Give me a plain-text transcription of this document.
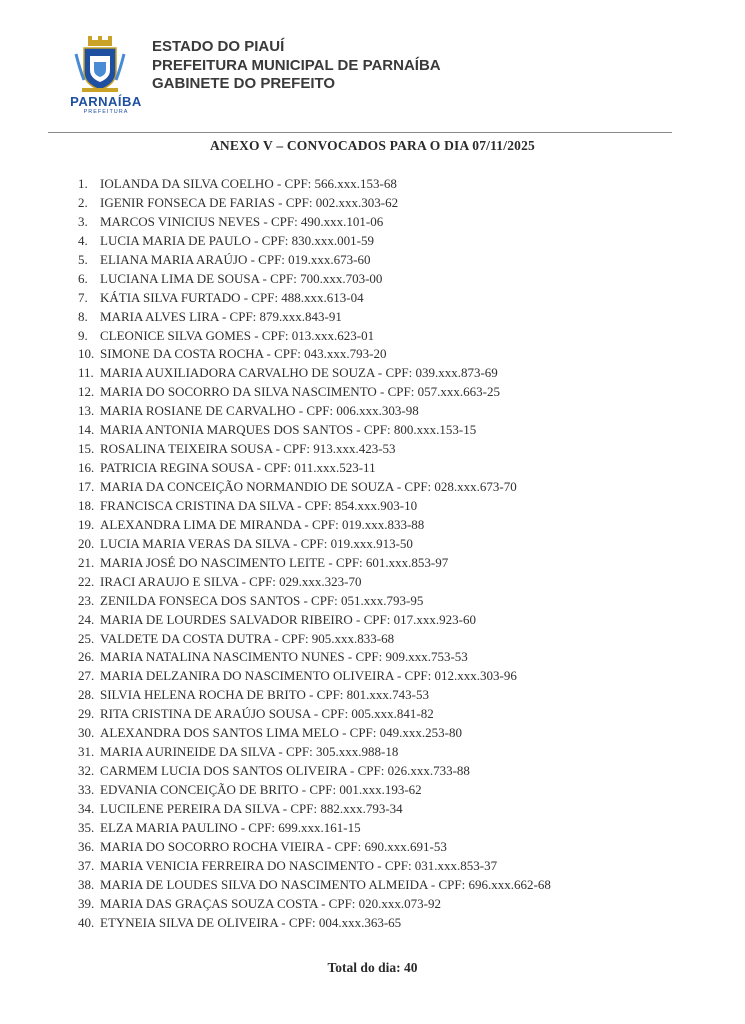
PARNAÍBA
PREFEITURA
ESTADO DO PIAUÍ
PREFEITURA MUNICIPAL DE PARNAÍBA
GABINETE DO PREFEITO
ANEXO V – CONVOCADOS PARA O DIA 07/11/2025
1. IOLANDA DA SILVA COELHO - CPF: 566.xxx.153-68
2. IGENIR FONSECA DE FARIAS - CPF: 002.xxx.303-62
3. MARCOS VINICIUS NEVES - CPF: 490.xxx.101-06
4. LUCIA MARIA DE PAULO - CPF: 830.xxx.001-59
5. ELIANA MARIA ARAÚJO - CPF: 019.xxx.673-60
6. LUCIANA LIMA DE SOUSA - CPF: 700.xxx.703-00
7. KÁTIA SILVA FURTADO - CPF: 488.xxx.613-04
8. MARIA ALVES LIRA - CPF: 879.xxx.843-91
9. CLEONICE SILVA GOMES - CPF: 013.xxx.623-01
10. SIMONE DA COSTA ROCHA - CPF: 043.xxx.793-20
11. MARIA AUXILIADORA CARVALHO DE SOUZA - CPF: 039.xxx.873-69
12. MARIA DO SOCORRO DA SILVA NASCIMENTO - CPF: 057.xxx.663-25
13. MARIA ROSIANE DE CARVALHO - CPF: 006.xxx.303-98
14. MARIA ANTONIA MARQUES DOS SANTOS - CPF: 800.xxx.153-15
15. ROSALINA TEIXEIRA SOUSA - CPF: 913.xxx.423-53
16. PATRICIA REGINA SOUSA - CPF: 011.xxx.523-11
17. MARIA DA CONCEIÇÃO NORMANDIO DE SOUZA - CPF: 028.xxx.673-70
18. FRANCISCA CRISTINA DA SILVA - CPF: 854.xxx.903-10
19. ALEXANDRA LIMA DE MIRANDA - CPF: 019.xxx.833-88
20. LUCIA MARIA VERAS DA SILVA - CPF: 019.xxx.913-50
21. MARIA JOSÉ DO NASCIMENTO LEITE - CPF: 601.xxx.853-97
22. IRACI ARAUJO E SILVA - CPF: 029.xxx.323-70
23. ZENILDA FONSECA DOS SANTOS - CPF: 051.xxx.793-95
24. MARIA DE LOURDES SALVADOR RIBEIRO - CPF: 017.xxx.923-60
25. VALDETE DA COSTA DUTRA - CPF: 905.xxx.833-68
26. MARIA NATALINA NASCIMENTO NUNES - CPF: 909.xxx.753-53
27. MARIA DELZANIRA DO NASCIMENTO OLIVEIRA - CPF: 012.xxx.303-96
28. SILVIA HELENA ROCHA DE BRITO - CPF: 801.xxx.743-53
29. RITA CRISTINA DE ARAÚJO SOUSA - CPF: 005.xxx.841-82
30. ALEXANDRA DOS SANTOS LIMA MELO - CPF: 049.xxx.253-80
31. MARIA AURINEIDE DA SILVA - CPF: 305.xxx.988-18
32. CARMEM LUCIA DOS SANTOS OLIVEIRA - CPF: 026.xxx.733-88
33. EDVANIA CONCEIÇÃO DE BRITO - CPF: 001.xxx.193-62
34. LUCILENE PEREIRA DA SILVA - CPF: 882.xxx.793-34
35. ELZA MARIA PAULINO - CPF: 699.xxx.161-15
36. MARIA DO SOCORRO ROCHA VIEIRA - CPF: 690.xxx.691-53
37. MARIA VENICIA FERREIRA DO NASCIMENTO - CPF: 031.xxx.853-37
38. MARIA DE LOUDES SILVA DO NASCIMENTO ALMEIDA - CPF: 696.xxx.662-68
39. MARIA DAS GRAÇAS SOUZA COSTA - CPF: 020.xxx.073-92
40. ETYNEIA SILVA DE OLIVEIRA - CPF: 004.xxx.363-65
Total do dia: 40
